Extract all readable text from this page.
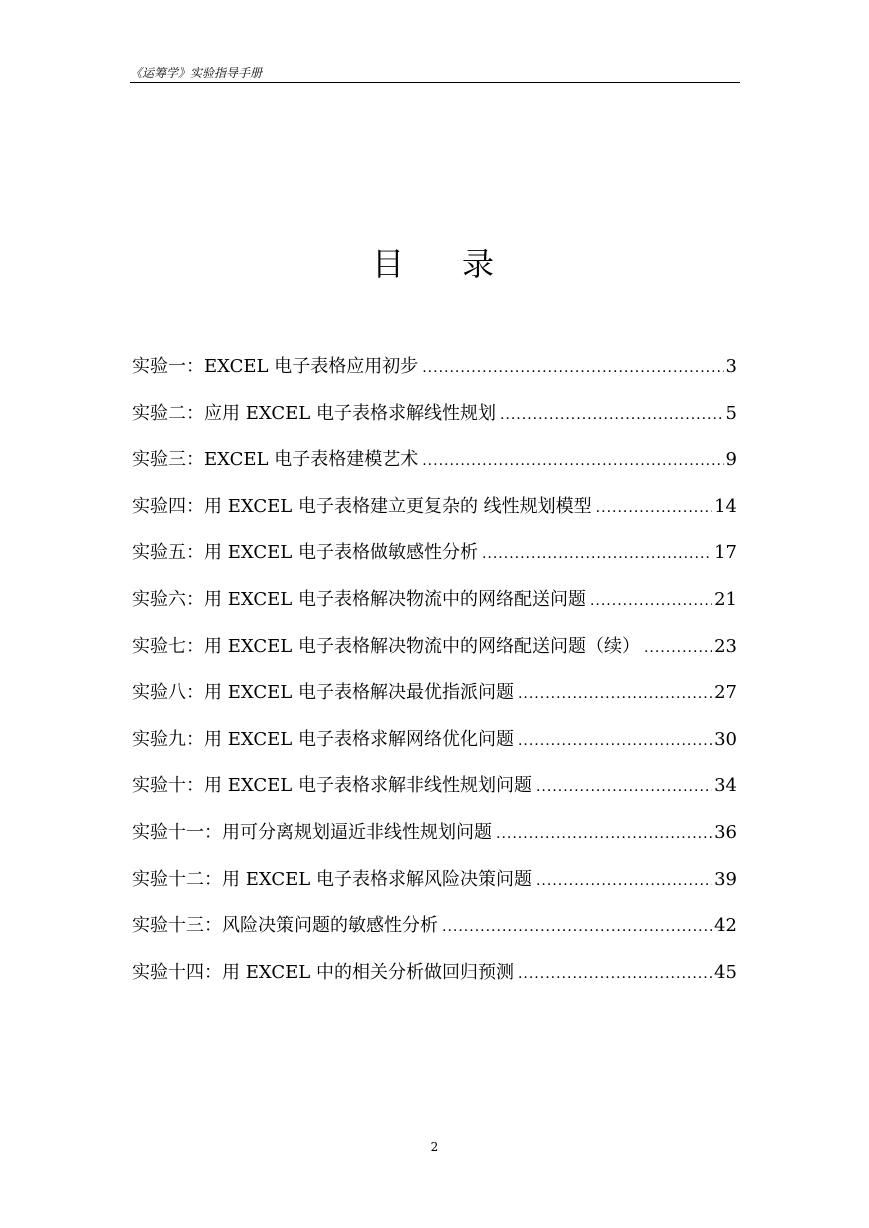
《运筹学》实验指导手册
目录
实验一：EXCEL 电子表格应用初步 .....	3
实验二：应用 EXCEL 电子表格求解线性规划 .....	5
实验三：EXCEL 电子表格建模艺术 .....	9
实验四：用 EXCEL 电子表格建立更复杂的 线性规划模型 .....	14
实验五：用 EXCEL 电子表格做敏感性分析 .....	17
实验六：用 EXCEL 电子表格解决物流中的网络配送问题 .....	21
实验七：用 EXCEL 电子表格解决物流中的网络配送问题（续） .....	23
实验八：用 EXCEL 电子表格解决最优指派问题 .....	27
实验九：用 EXCEL 电子表格求解网络优化问题 .....	30
实验十：用 EXCEL 电子表格求解非线性规划问题 .....	34
实验十一：用可分离规划逼近非线性规划问题 .....	36
实验十二：用 EXCEL 电子表格求解风险决策问题 .....	39
实验十三：风险决策问题的敏感性分析 .....	42
实验十四：用 EXCEL 中的相关分析做回归预测 .....	45
2
